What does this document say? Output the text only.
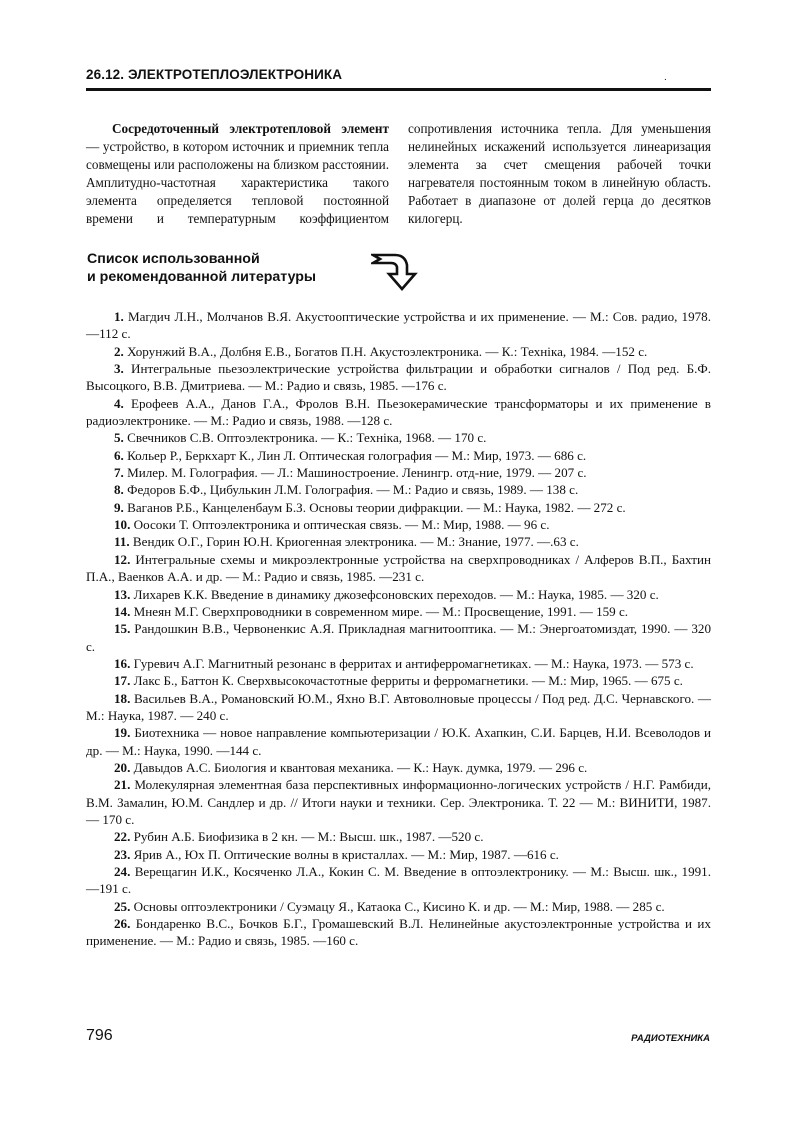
26.12. ЭЛЕКТРОТЕПЛОЭЛЕКТРОНИКА	.

Сосредоточенный электротепловой элемент — устройство, в котором источник и приемник тепла совмещены или расположены на близком расстоянии. Амплитудно-частотная характеристика такого элемента определяется тепловой постоянной времени и температурным коэффициентом сопротивления источника тепла. Для уменьшения нелинейных искажений используется линеаризация элемента за счет смещения рабочей точки нагревателя постоянным током в линейную область. Работает в диапазоне от долей герца до десятков килогерц.

Список использованной
и рекомендованной литературы

1. Магдич Л.Н., Молчанов В.Я. Акустооптические устройства и их применение. — М.: Сов. радио, 1978. —112 с.

2. Хорунжий В.А., Долбня Е.В., Богатов П.Н. Акустоэлектроника. — К.: Техніка, 1984. —152 с.

3. Интегральные пьезоэлектрические устройства фильтрации и обработки сигналов / Под ред. Б.Ф. Высоцкого, В.В. Дмитриева. — М.: Радио и связь, 1985. —176 с.

4. Ерофеев А.А., Данов Г.А., Фролов В.Н. Пьезокерамические трансформаторы и их применение в радиоэлектронике. — М.: Радио и связь, 1988. —128 с.

5. Свечников С.В. Оптоэлектроника. — К.: Техніка, 1968. — 170 с.

6. Кольер Р., Беркхарт К., Лин Л. Оптическая голография — М.: Мир, 1973. — 686 с.

7. Милер. М. Голография. — Л.: Машиностроение. Ленингр. отд-ние, 1979. — 207 с.

8. Федоров Б.Ф., Цибулькин Л.М. Голография. — М.: Радио и связь, 1989. — 138 с.

9. Ваганов Р.Б., Канцеленбаум Б.З. Основы теории дифракции. — М.: Наука, 1982. — 272 с.

10. Оосоки Т. Оптоэлектроника и оптическая связь. — М.: Мир, 1988. — 96 с.

11. Вендик О.Г., Горин Ю.Н. Криогенная электроника. — М.: Знание, 1977. —.63 с.

12. Интегральные схемы и микроэлектронные устройства на сверхпроводниках / Алферов В.П., Бахтин П.А., Ваенков А.А. и др. — М.: Радио и связь, 1985. —231 с.

13. Лихарев К.К. Введение в динамику джозефсоновских переходов. — М.: Наука, 1985. — 320 с.

14. Мнеян М.Г. Сверхпроводники в современном мире. — М.: Просвещение, 1991. — 159 с.

15. Рандошкин В.В., Червоненкис А.Я. Прикладная магнитооптика. — М.: Энергоатомиздат, 1990. — 320 с.

16. Гуревич А.Г. Магнитный резонанс в ферритах и антиферромагнетиках. — М.: Наука, 1973. — 573 с.

17. Лакс Б., Баттон К. Сверхвысокочастотные ферриты и ферромагнетики. — М.: Мир, 1965. — 675 с.

18. Васильев В.А., Романовский Ю.М., Яхно В.Г. Автоволновые процессы / Под ред. Д.С. Чернавского. — М.: Наука, 1987. — 240 с.

19. Биотехника — новое направление компьютеризации / Ю.К. Ахапкин, С.И. Барцев, Н.И. Всеволодов и др. — М.: Наука, 1990. —144 с.

20. Давыдов А.С. Биология и квантовая механика. — К.: Наук. думка, 1979. — 296 с.

21. Молекулярная элементная база перспективных информационно-логических устройств / Н.Г. Рамбиди, В.М. Замалин, Ю.М. Сандлер и др. // Итоги науки и техники. Сер. Электроника. Т. 22 — М.: ВИНИТИ, 1987. — 170 с.

22. Рубин А.Б. Биофизика в 2 кн. — М.: Высш. шк., 1987. —520 с.

23. Ярив А., Юх П. Оптические волны в кристаллах. — М.: Мир, 1987. —616 с.

24. Верещагин И.К., Косяченко Л.А., Кокин С. М. Введение в оптоэлектронику. — М.: Высш. шк., 1991. —191 с.

25. Основы оптоэлектроники / Суэмацу Я., Катаока С., Кисино К. и др. — М.: Мир, 1988. — 285 с.

26. Бондаренко В.С., Бочков Б.Г., Громашевский В.Л. Нелинейные акустоэлектронные устройства и их применение. — М.: Радио и связь, 1985. —160 с.

796	РАДИОТЕХНИКА
